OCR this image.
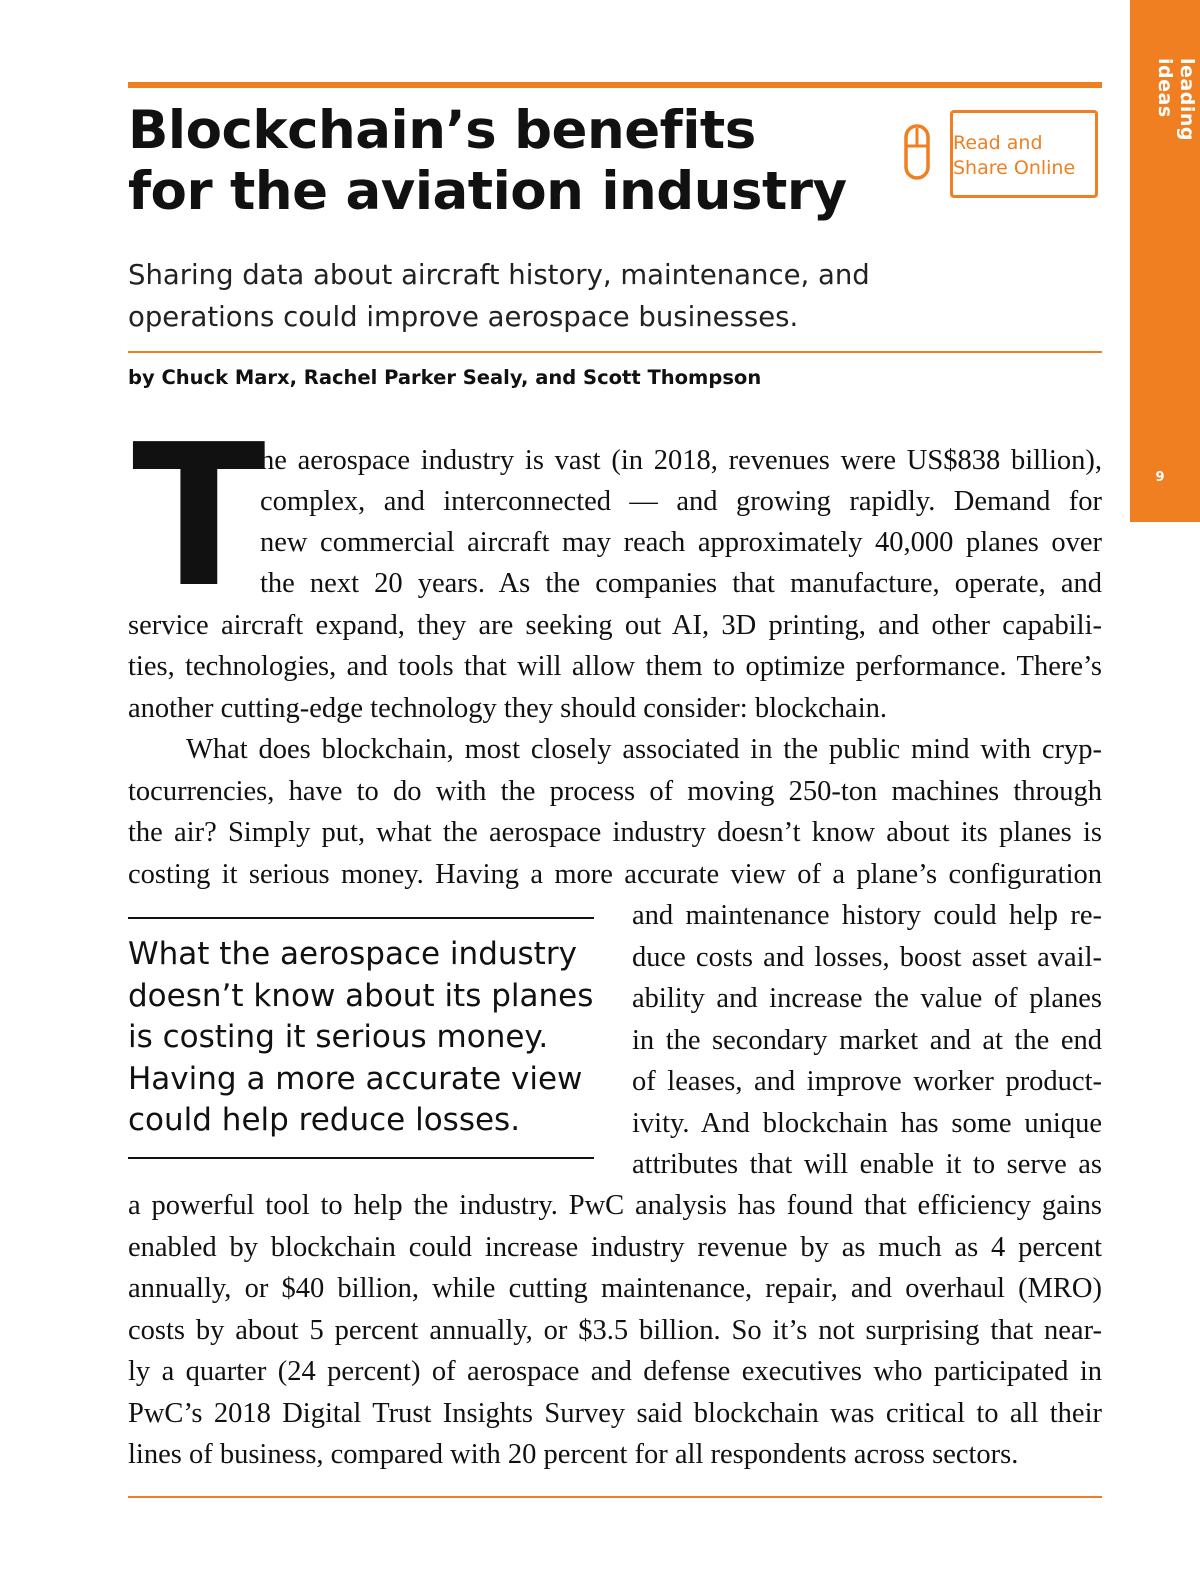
leading ideas
9
Blockchain’s benefits for the aviation industry
Read and
Share Online

Sharing data about aircraft history, maintenance, and operations could improve aerospace businesses.

by Chuck Marx, Rachel Parker Sealy, and Scott Thompson

T

he aerospace industry is vast (in 2018, revenues were US$838 billion),

complex, and interconnected — and growing rapidly. Demand for

new commercial aircraft may reach approximately 40,000 planes over

the next 20 years. As the companies that manufacture, operate, and

service aircraft expand, they are seeking out AI, 3D printing, and other capabili-

ties, technologies, and tools that will allow them to optimize performance. There’s

another cutting-edge technology they should consider: blockchain.

What does blockchain, most closely associated in the public mind with cryp-

tocurrencies, have to do with the process of moving 250-ton machines through

the air? Simply put, what the aerospace industry doesn’t know about its planes is

costing it serious money. Having a more accurate view of a plane’s configuration

and maintenance history could help re-

duce costs and losses, boost asset avail-

ability and increase the value of planes

in the secondary market and at the end

of leases, and improve worker product-

ivity. And blockchain has some unique

attributes that will enable it to serve as

a powerful tool to help the industry. PwC analysis has found that efficiency gains

enabled by blockchain could increase industry revenue by as much as 4 percent

annually, or $40 billion, while cutting maintenance, repair, and overhaul (MRO)

costs by about 5 percent annually, or $3.5 billion. So it’s not surprising that near-

ly a quarter (24 percent) of aerospace and defense executives who participated in

PwC’s 2018 Digital Trust Insights Survey said blockchain was critical to all their

lines of business, compared with 20 percent for all respondents across sectors.

What the aerospace industry
doesn’t know about its planes
is costing it serious money.
Having a more accurate view
could help reduce losses.
